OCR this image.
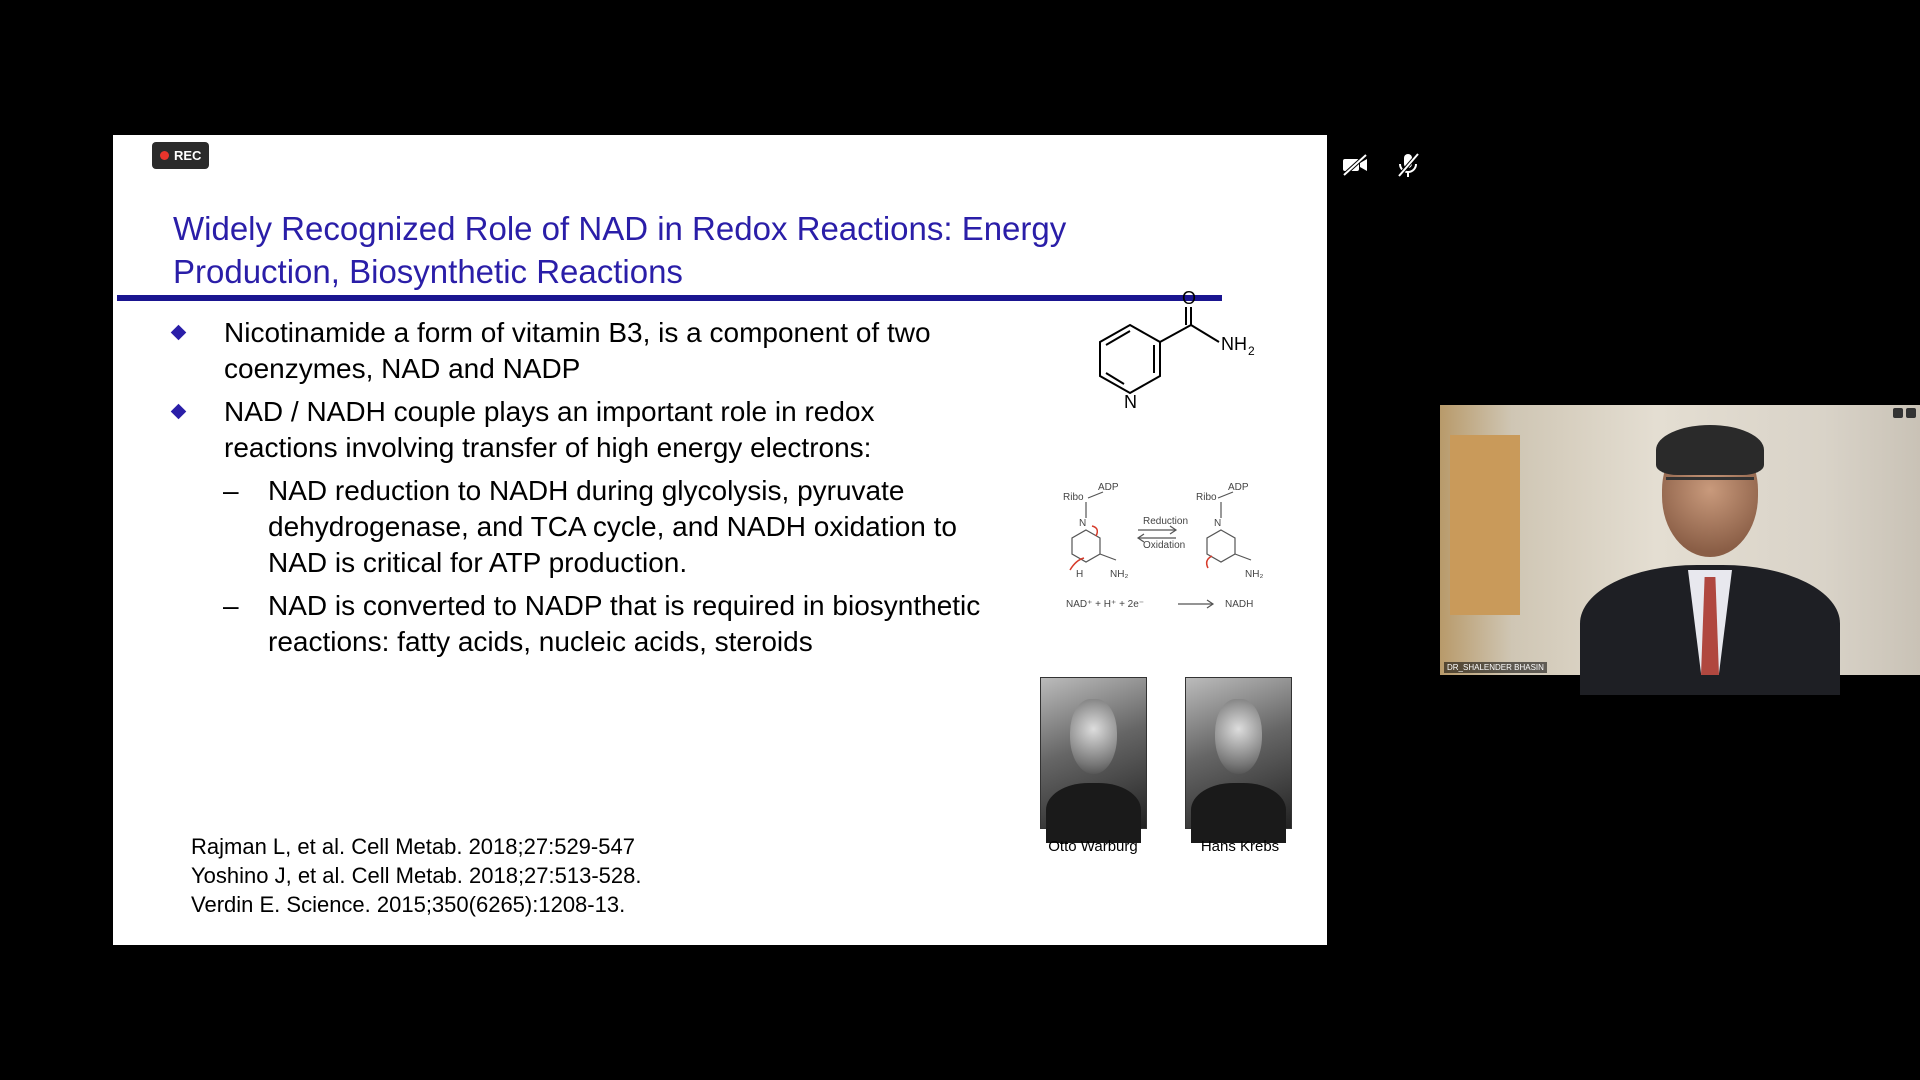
REC
Widely Recognized Role of NAD in Redox Reactions: Energy
Production, Biosynthetic Reactions
Nicotinamide a form of vitamin B3, is a component of two
coenzymes, NAD and NADP
NAD / NADH couple plays an important role in redox
reactions involving transfer of high energy electrons:
– NAD reduction to NADH during glycolysis, pyruvate
dehydrogenase, and TCA cycle, and NADH oxidation to
NAD is critical for ATP production.
– NAD is converted to NADP that is required in biosynthetic
reactions: fatty acids, nucleic acids, steroids
O
NH 2
N
Ribo
ADP
Ribo
ADP
Reduction
Oxidation
N	N
H	NH₂	NH₂
NAD⁺ + H⁺ + 2e⁻	NADH
Otto Warburg	Hans Krebs
Rajman L, et al. Cell Metab. 2018;27:529-547
Yoshino J, et al. Cell Metab. 2018;27:513-528.
Verdin E. Science. 2015;350(6265):1208-13.
DR_SHALENDER BHASIN
